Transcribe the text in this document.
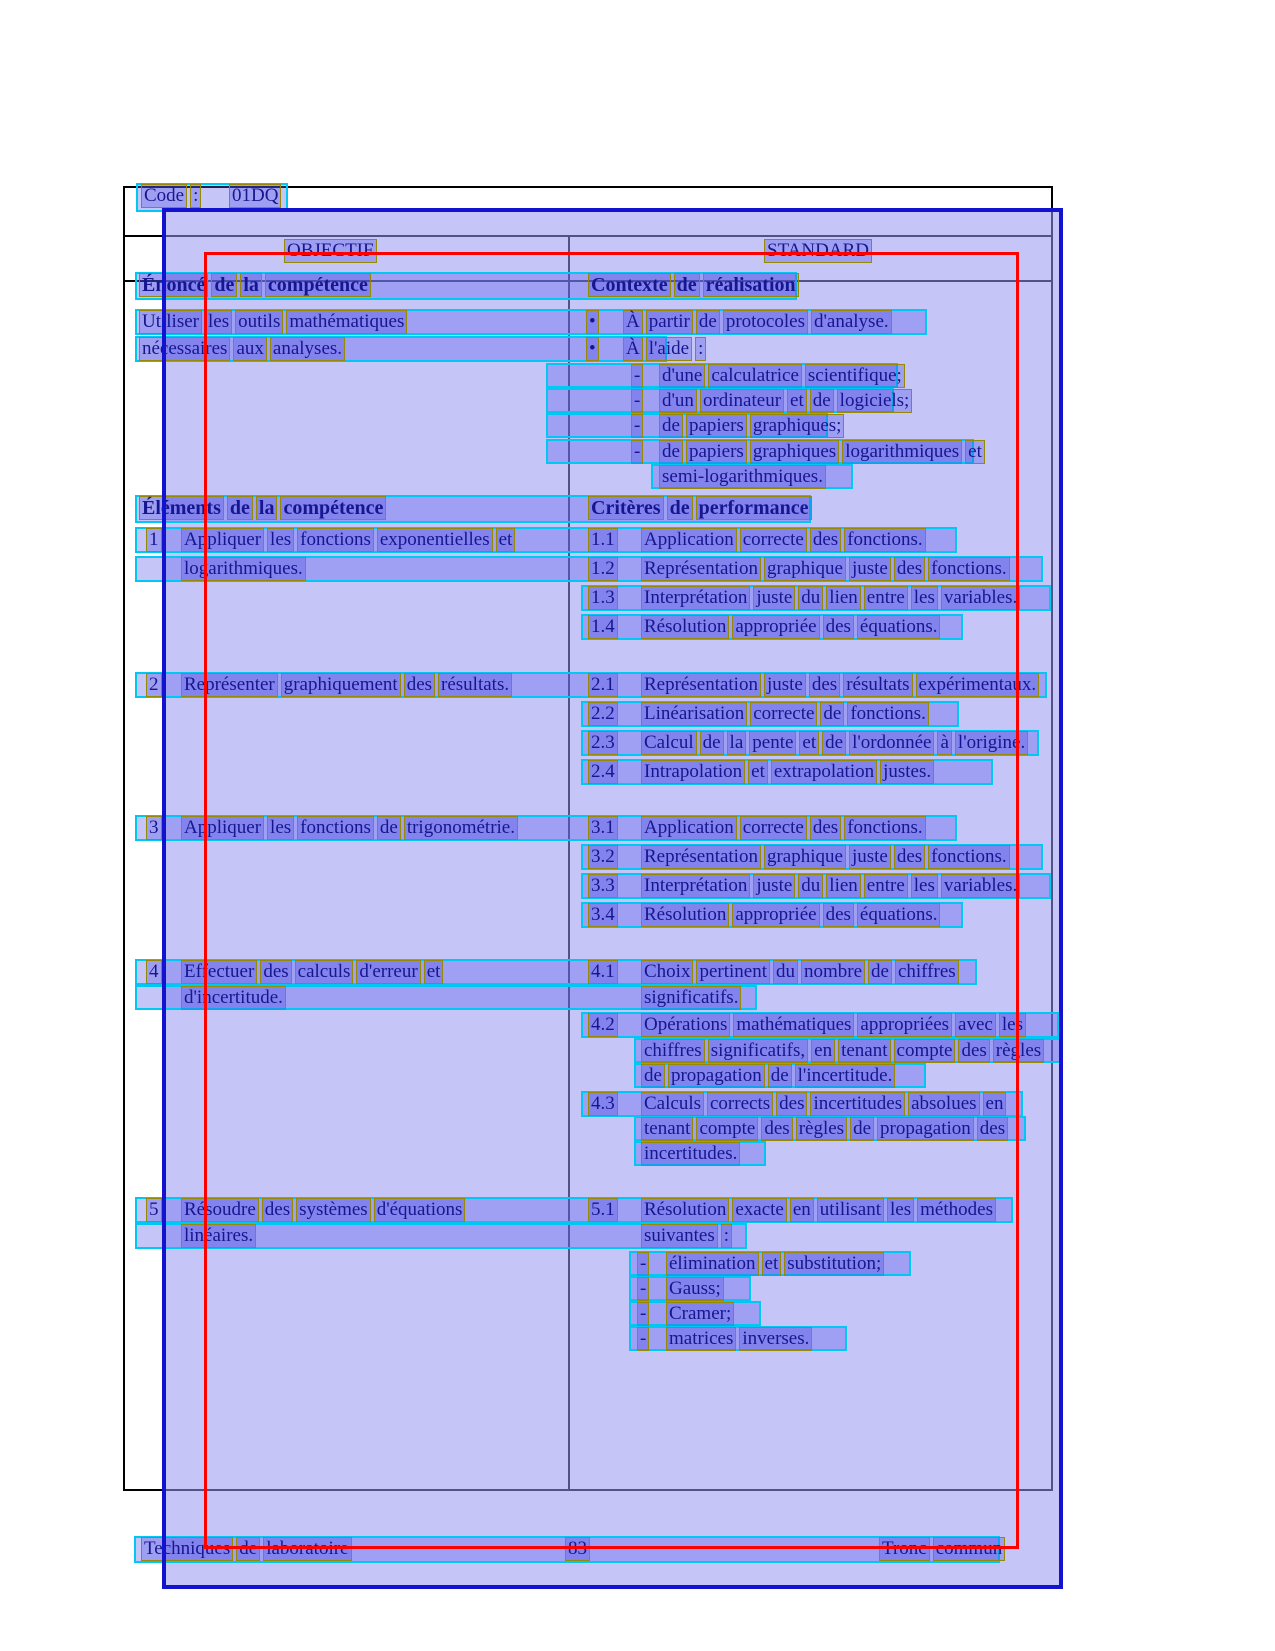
Code :	01DQ
OBJECTIF	STANDARD
Énoncé de la compétence	Contexte de réalisation
Utiliser les outils mathématiques	•	À partir de protocoles d'analyse.
nécessaires aux analyses.	•	À l'aide :
-	d'une calculatrice scientifique;
-	d'un ordinateur et de logiciels;
-	de papiers graphiques;
-	de papiers graphiques logarithmiques et
semi-logarithmiques.
Éléments de la compétence	Critères de performance
1	Appliquer les fonctions exponentielles et	1.1	Application correcte des fonctions.
logarithmiques.	1.2	Représentation graphique juste des fonctions.
1.3	Interprétation juste du lien entre les variables.
1.4	Résolution appropriée des équations.
2	Représenter graphiquement des résultats.	2.1	Représentation juste des résultats expérimentaux.
2.2	Linéarisation correcte de fonctions.
2.3	Calcul de la pente et de l'ordonnée à l'origine.
2.4	Intrapolation et extrapolation justes.
3	Appliquer les fonctions de trigonométrie.	3.1	Application correcte des fonctions.
3.2	Représentation graphique juste des fonctions.
3.3	Interprétation juste du lien entre les variables.
3.4	Résolution appropriée des équations.
4	Effectuer des calculs d'erreur et	4.1	Choix pertinent du nombre de chiffres
d'incertitude.	significatifs.
4.2	Opérations mathématiques appropriées avec les
chiffres significatifs, en tenant compte des règles
de propagation de l'incertitude.
4.3	Calculs corrects des incertitudes absolues en
tenant compte des règles de propagation des
incertitudes.
5	Résoudre des systèmes d'équations	5.1	Résolution exacte en utilisant les méthodes
linéaires.	suivantes :
-	élimination et substitution;
-	Gauss;
-	Cramer;
-	matrices inverses.
Techniques de laboratoire	83	Tronc commun
